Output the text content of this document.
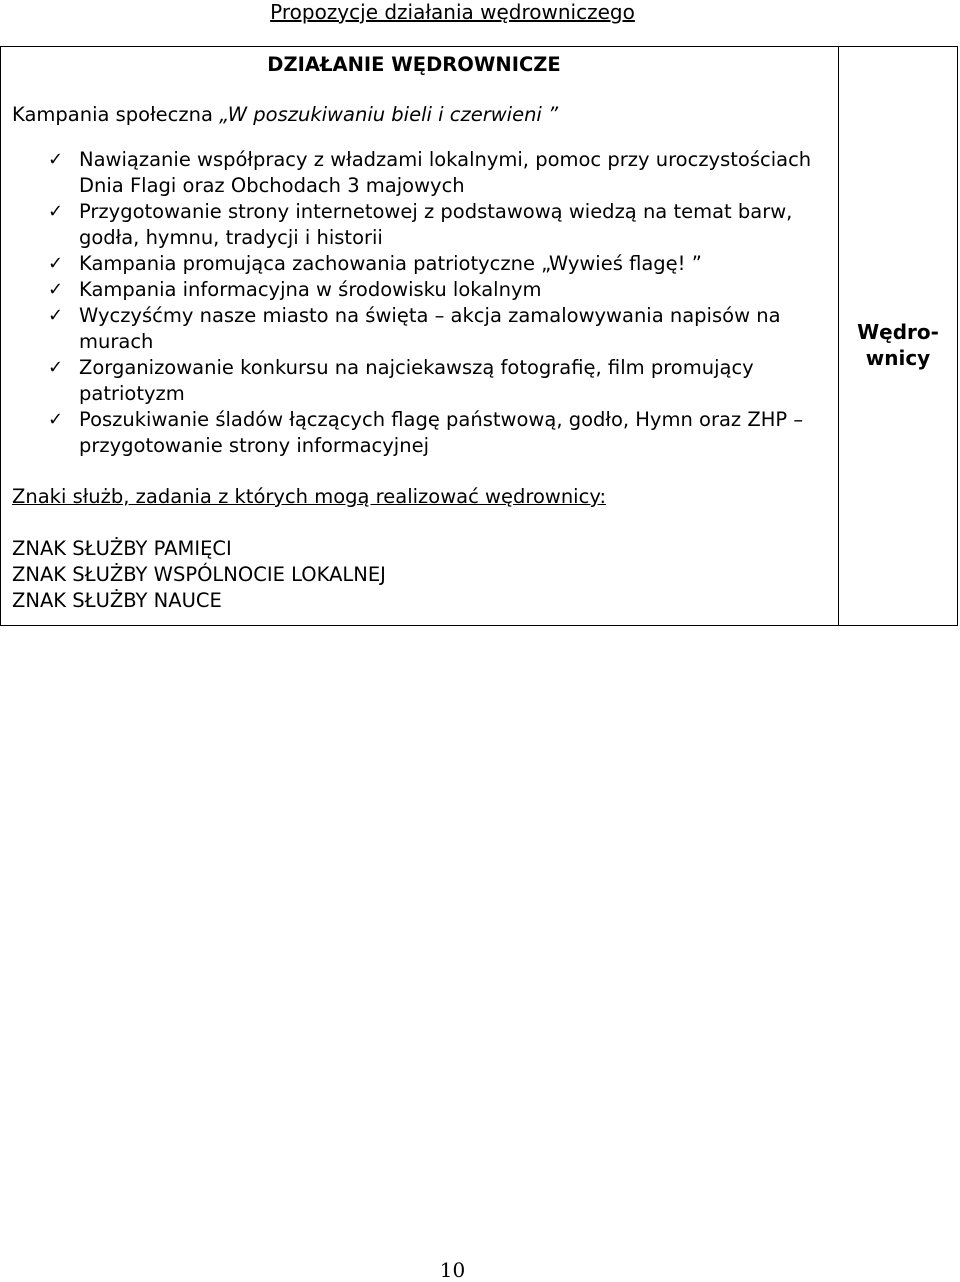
Propozycje działania wędrowniczego
DZIAŁANIE WĘDROWNICZE
Kampania społeczna „W poszukiwaniu bieli i czerwieni ”
✓ Nawiązanie współpracy z władzami lokalnymi, pomoc przy uroczystościach Dnia Flagi oraz Obchodach 3 majowych
✓ Przygotowanie strony internetowej z podstawową wiedzą na temat barw, godła, hymnu, tradycji i historii
✓ Kampania promująca zachowania patriotyczne „Wywieś flagę! ”
✓ Kampania informacyjna w środowisku lokalnym
✓ Wyczyśćmy nasze miasto na święta – akcja zamalowywania napisów na murach
✓ Zorganizowanie konkursu na najciekawszą fotografię, film promujący patriotyzm
✓ Poszukiwanie śladów łączących flagę państwową, godło, Hymn oraz ZHP – przygotowanie strony informacyjnej
Znaki służb, zadania z których mogą realizować wędrownicy:
ZNAK SŁUŻBY PAMIĘCI
ZNAK SŁUŻBY WSPÓLNOCIE LOKALNEJ
ZNAK SŁUŻBY NAUCE
Wędro-
wnicy
10
